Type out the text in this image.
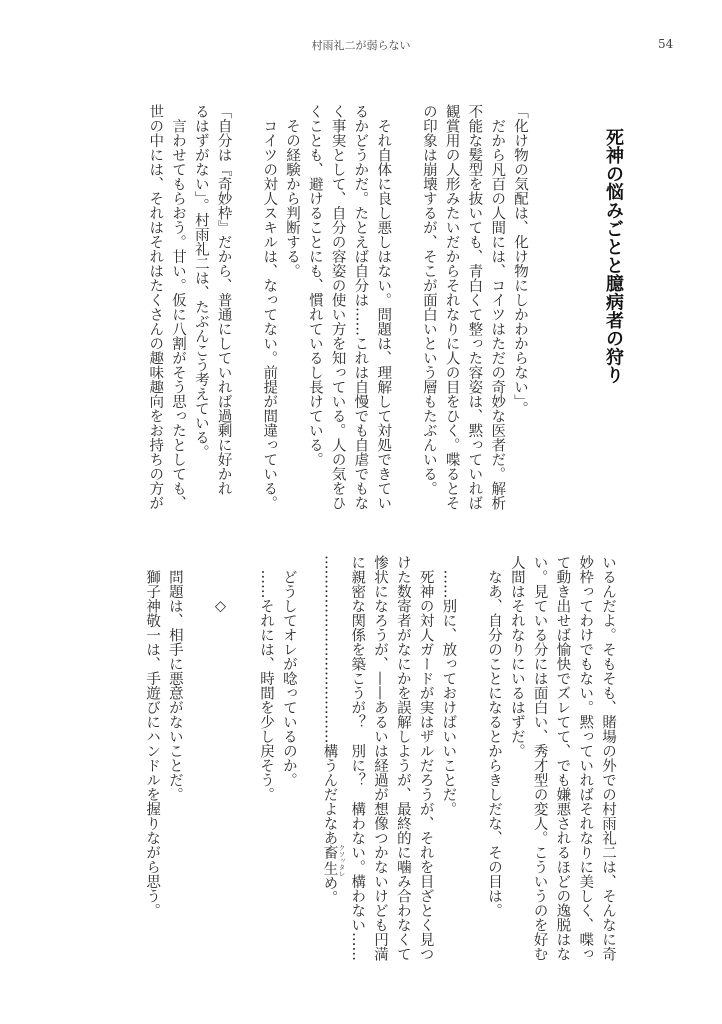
村雨礼二が弱らない	54
死神の悩みごとと臆病者の狩り
「化け物の気配は、化け物にしかわからない」。
　だから凡百の人間には、コイツはただの奇妙な医者だ。解析
不能な髪型を抜いても、青白くて整った容姿は、黙っていれば
観賞用の人形みたいだからそれなりに人の目をひく。喋るとそ
の印象は崩壊するが、そこが面白いという層もたぶんいる。
　それ自体に良し悪しはない。問題は、理解して対処できてい
るかどうかだ。たとえば自分は……これは自慢でも自虐でもな
く事実として、自分の容姿の使い方を知っている。人の気をひ
くことも、避けることにも、慣れているし長けている。
　その経験から判断する。
　コイツの対人スキルは、なってない。前提が間違っている。
「自分は『奇妙枠』だから、普通にしていれば過剰に好かれ
るはずがない」。村雨礼二は、たぶんこう考えている。
　言わせてもらおう。甘い。仮に八割がそう思ったとしても、
世の中には、それはそれはたくさんの趣味趣向をお持ちの方が
いるんだよ。そもそも、賭場の外での村雨礼二は、そんなに奇
妙枠ってわけでもない。黙っていればそれなりに美しく、喋っ
て動き出せば愉快でズレてて、でも嫌悪されるほどの逸脱はな
い。見ている分には面白い、秀才型の変人。こういうのを好む
人間はそれなりにいるはずだ。
　なあ、自分のことになるとからきしだな、その目は。
　……別に、放っておけばいいことだ。
　死神の対人ガードが実はザルだろうが、それを目ざとく見つ
けた数寄者がなにかを誤解しようが、最終的に噛み合わなくて
惨状になろうが、——あるいは経過が想像つかないけども円満
に親密な関係を築こうが？　別に？　構わない。構わない……
…………………………………構うんだよなあ畜生 クソッタレめ。
　どうしてオレが唸っているのか。
　……それには、時間を少し戻そう。
　　　◇
　問題は、相手に悪意がないことだ。
　獅子神敬一は、手遊びにハンドルを握りながら思う。
